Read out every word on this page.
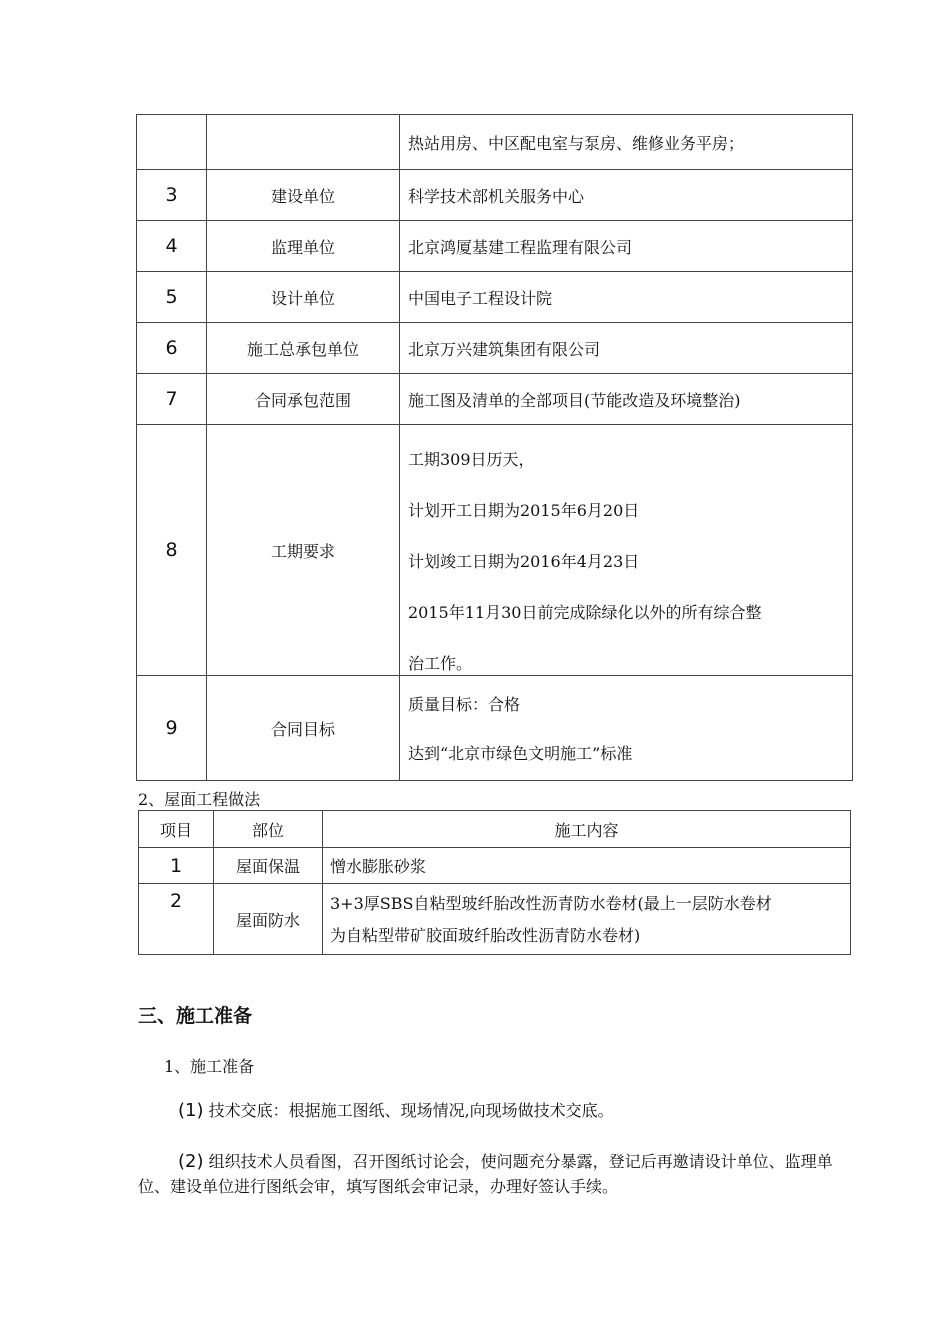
		热站用房、中区配电室与泵房、维修业务平房；

3	建设单位	科学技术部机关服务中心

4	监理单位	北京鸿厦基建工程监理有限公司

5	设计单位	中国电子工程设计院

6	施工总承包单位	北京万兴建筑集团有限公司

7	合同承包范围	施工图及清单的全部项目(节能改造及环境整治)

8	工期要求	工期309日历天，
计划开工日期为2015年6月20日
计划竣工日期为2016年4月23日
2015年11月30日前完成除绿化以外的所有综合整
治工作。

9	合同目标	质量目标：合格
达到“北京市绿色文明施工”标准
2、屋面工程做法
项目	部位	施工内容
1	屋面保温	憎水膨胀砂浆

2	屋面防水	3+3厚SBS自粘型玻纤胎改性沥青防水卷材(最上一层防水卷材
为自粘型带矿胶面玻纤胎改性沥青防水卷材)
三、施工准备
1、施工准备
(1) 技术交底：根据施工图纸、现场情况,向现场做技术交底。
(2) 组织技术人员看图，召开图纸讨论会，使问题充分暴露，登记后再邀请设计单位、监理单位、建设单位进行图纸会审，填写图纸会审记录，办理好签认手续。
